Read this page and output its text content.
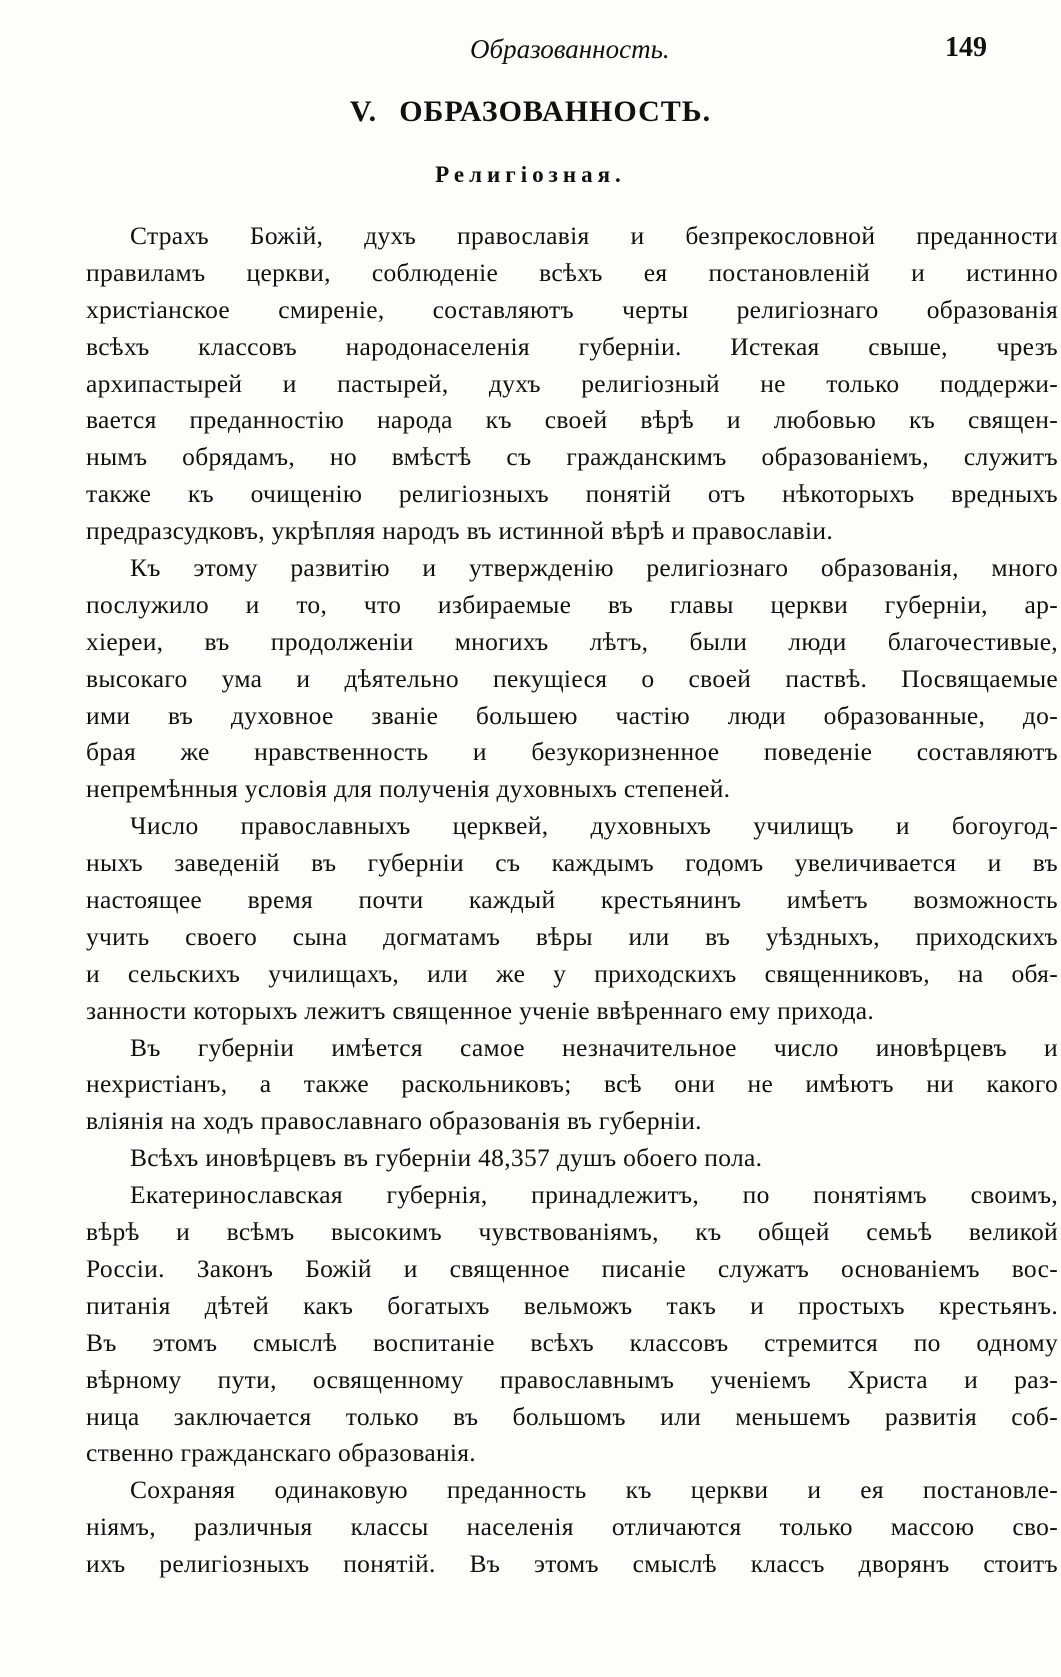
Образованность.	149
V. ОБРАЗОВАННОСТЬ.
Религiозная.
Страхъ Божiй, духъ православiя и безпрекословной преданности
правиламъ церкви, соблюденiе всѣхъ ея постановленiй и истинно
христiанское смиренiе, составляютъ черты религiознаго образованiя
всѣхъ классовъ народонаселенiя губернiи. Истекая свыше, чрезъ
архипастырей и пастырей, духъ религiозный не только поддержи-
вается преданностiю народа къ своей вѣрѣ и любовью къ священ-
нымъ обрядамъ, но вмѣстѣ съ гражданскимъ образованiемъ, служитъ
также къ очищенiю религiозныхъ понятiй отъ нѣкоторыхъ вредныхъ
предразсудковъ, укрѣпляя народъ въ истинной вѣрѣ и православiи.
Къ этому развитiю и утвержденiю религiознаго образованiя, много
послужило и то, что избираемые въ главы церкви губернiи, ар-
хiереи, въ продолженiи многихъ лѣтъ, были люди благочестивые,
высокаго ума и дѣятельно пекущiеся о своей паствѣ. Посвящаемые
ими въ духовное званiе большею частiю люди образованные, до-
брая же нравственность и безукоризненное поведенiе составляютъ
непремѣнныя условiя для полученiя духовныхъ степеней.
Число православныхъ церквей, духовныхъ училищъ и богоугод-
ныхъ заведенiй въ губернiи съ каждымъ годомъ увеличивается и въ
настоящее время почти каждый крестьянинъ имѣетъ возможность
учить своего сына догматамъ вѣры или въ уѣздныхъ, приходскихъ
и сельскихъ училищахъ, или же у приходскихъ священниковъ, на обя-
занности которыхъ лежитъ священное ученiе ввѣреннаго ему прихода.
Въ губернiи имѣется самое незначительное число иновѣрцевъ и
нехристiанъ, а также раскольниковъ; всѣ они не имѣютъ ни какого
влiянiя на ходъ православнаго образованiя въ губернiи.
Всѣхъ иновѣрцевъ въ губернiи 48,357 душъ обоего пола.
Екатеринославская губернiя, принадлежитъ, по понятiямъ своимъ,
вѣрѣ и всѣмъ высокимъ чувствованiямъ, къ общей семьѣ великой
Россiи. Законъ Божiй и священное писанiе служатъ основанiемъ вос-
питанiя дѣтей какъ богатыхъ вельможъ такъ и простыхъ крестьянъ.
Въ этомъ смыслѣ воспитанiе всѣхъ классовъ стремится по одному
вѣрному пути, освященному православнымъ ученiемъ Христа и раз-
ница заключается только въ большомъ или меньшемъ развитiя соб-
ственно гражданскаго образованiя.
Сохраняя одинаковую преданность къ церкви и ея постановле-
нiямъ, различныя классы населенiя отличаются только массою сво-
ихъ религiозныхъ понятiй. Въ этомъ смыслѣ классъ дворянъ стоитъ
